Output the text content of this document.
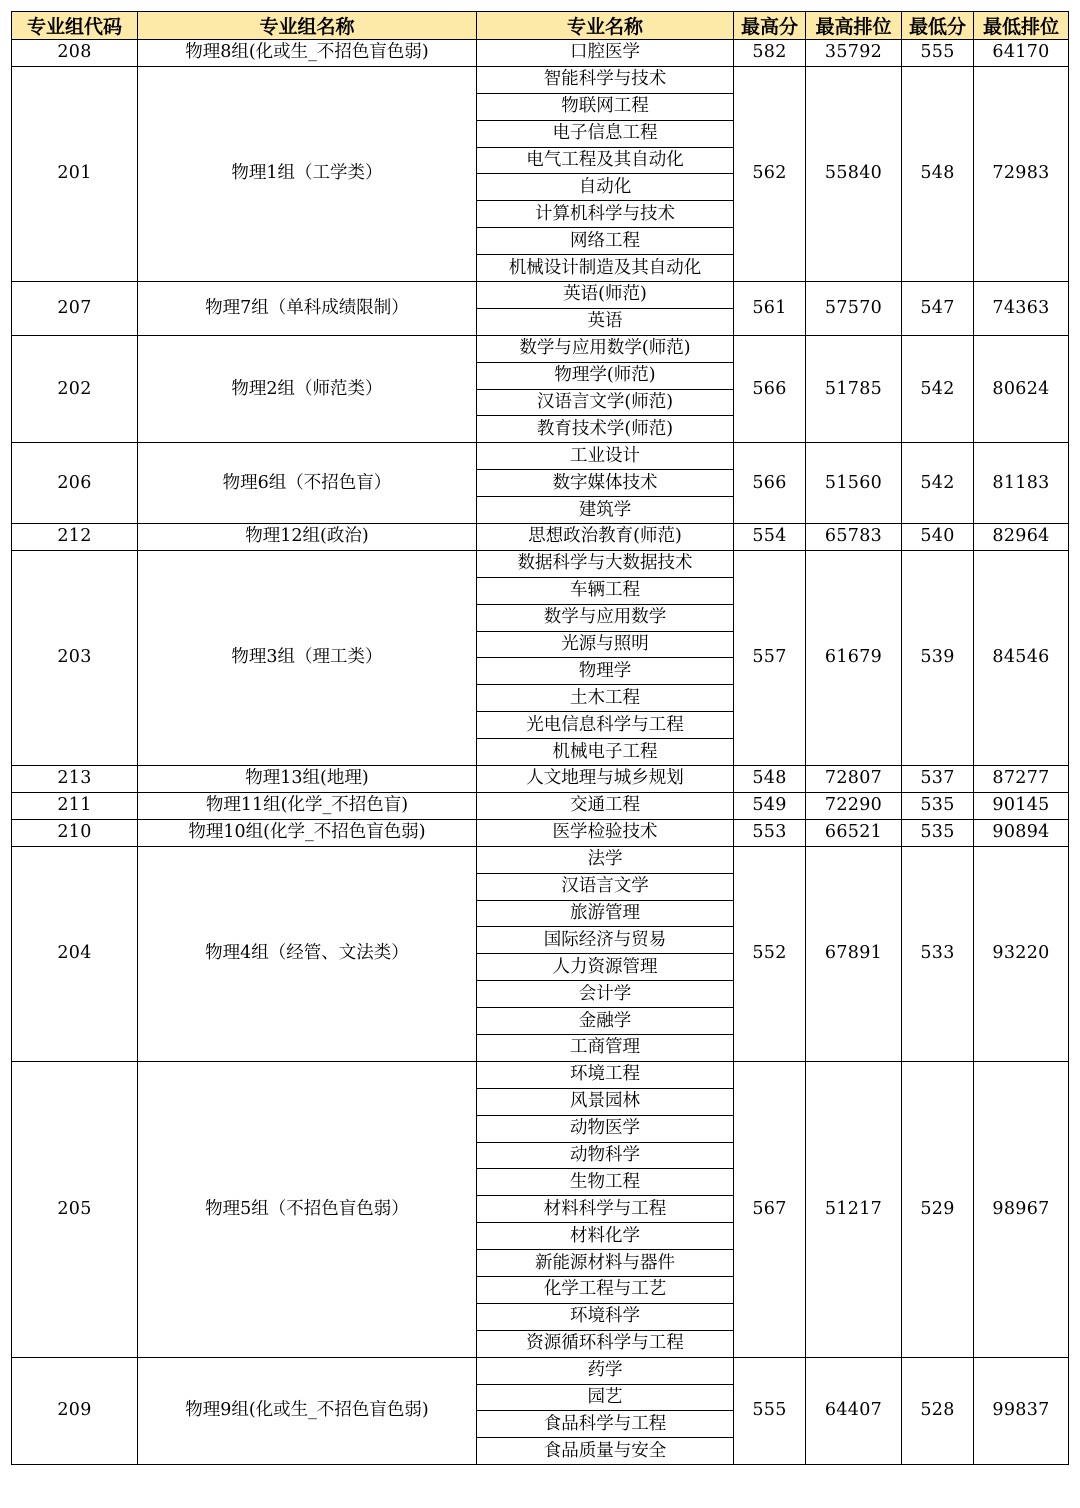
专业组代码	专业组名称	专业名称	最高分	最高排位	最低分	最低排位
208	物理8组(化或生_不招色盲色弱)	口腔医学	582	35792	555	64170
201	物理1组（工学类）	智能科学与技术	562	55840	548	72983
		物联网工程				
		电子信息工程				
		电气工程及其自动化				
		自动化				
		计算机科学与技术				
		网络工程				
		机械设计制造及其自动化				
207	物理7组（单科成绩限制）	英语(师范)	561	57570	547	74363
		英语				
202	物理2组（师范类）	数学与应用数学(师范)	566	51785	542	80624
		物理学(师范)				
		汉语言文学(师范)				
		教育技术学(师范)				
206	物理6组（不招色盲）	工业设计	566	51560	542	81183
		数字媒体技术				
		建筑学				
212	物理12组(政治)	思想政治教育(师范)	554	65783	540	82964
203	物理3组（理工类）	数据科学与大数据技术	557	61679	539	84546
		车辆工程				
		数学与应用数学				
		光源与照明				
		物理学				
		土木工程				
		光电信息科学与工程				
		机械电子工程				
213	物理13组(地理)	人文地理与城乡规划	548	72807	537	87277
211	物理11组(化学_不招色盲)	交通工程	549	72290	535	90145
210	物理10组(化学_不招色盲色弱)	医学检验技术	553	66521	535	90894
204	物理4组（经管、文法类）	法学	552	67891	533	93220
		汉语言文学				
		旅游管理				
		国际经济与贸易				
		人力资源管理				
		会计学				
		金融学				
		工商管理				
205	物理5组（不招色盲色弱）	环境工程	567	51217	529	98967
		风景园林				
		动物医学				
		动物科学				
		生物工程				
		材料科学与工程				
		材料化学				
		新能源材料与器件				
		化学工程与工艺				
		环境科学				
		资源循环科学与工程				
209	物理9组(化或生_不招色盲色弱)	药学	555	64407	528	99837
		园艺				
		食品科学与工程				
		食品质量与安全				
